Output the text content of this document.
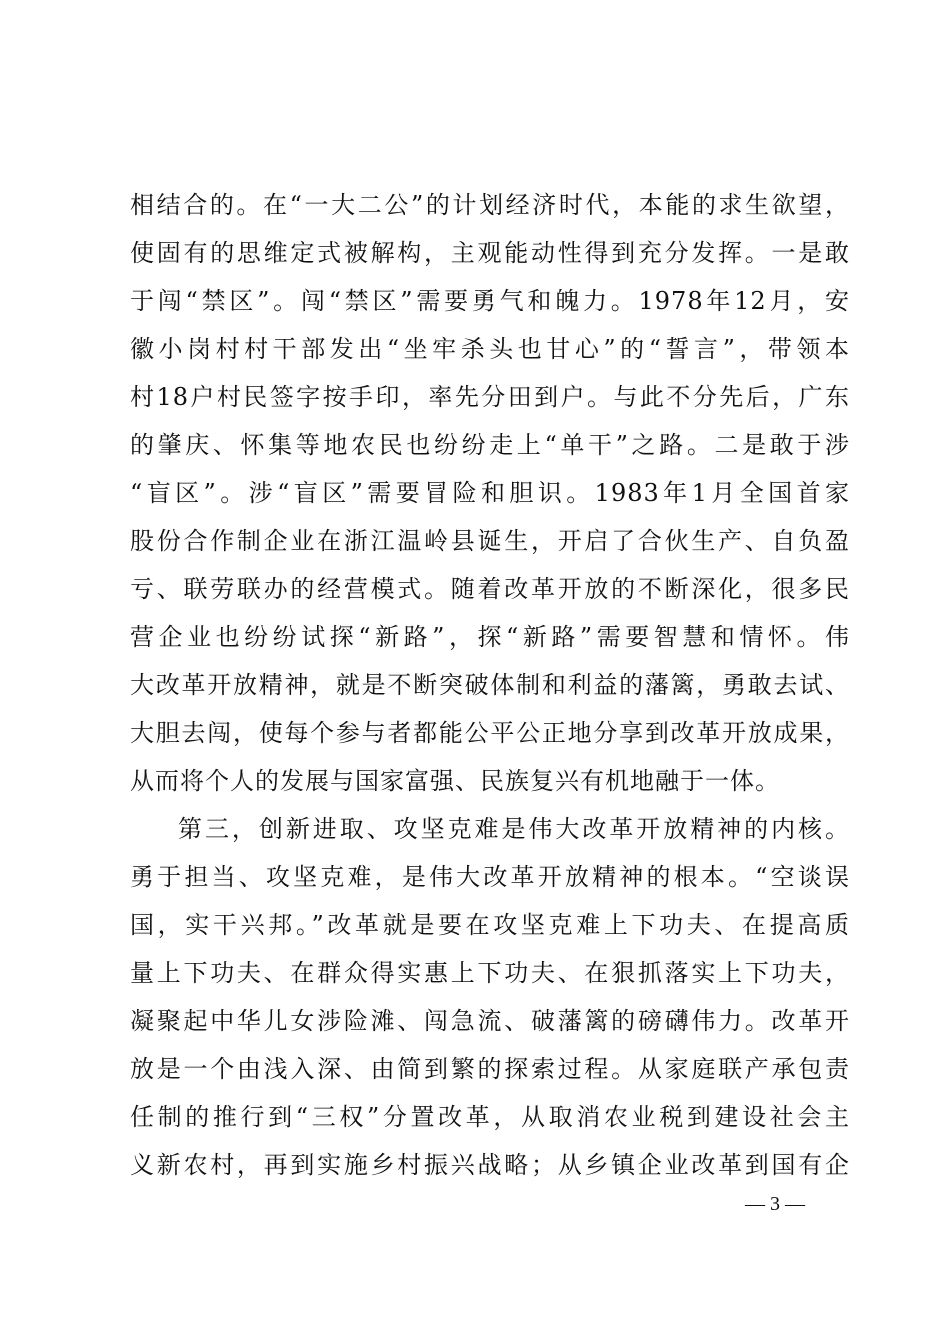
相结合的。在“一大二公”的计划经济时代，本能的求生欲望，
使固有的思维定式被解构，主观能动性得到充分发挥。一是敢
于闯“禁区”。闯“禁区”需要勇气和魄力。1978年12月，安
徽小岗村村干部发出“坐牢杀头也甘心”的“誓言”，带领本
村18户村民签字按手印，率先分田到户。与此不分先后，广东
的肇庆、怀集等地农民也纷纷走上“单干”之路。二是敢于涉
“盲区”。涉“盲区”需要冒险和胆识。1983年1月全国首家
股份合作制企业在浙江温岭县诞生，开启了合伙生产、自负盈
亏、联劳联办的经营模式。随着改革开放的不断深化，很多民
营企业也纷纷试探“新路”，探“新路”需要智慧和情怀。伟
大改革开放精神，就是不断突破体制和利益的藩篱，勇敢去试、
大胆去闯，使每个参与者都能公平公正地分享到改革开放成果，
从而将个人的发展与国家富强、民族复兴有机地融于一体。
第三，创新进取、攻坚克难是伟大改革开放精神的内核。
勇于担当、攻坚克难，是伟大改革开放精神的根本。“空谈误
国，实干兴邦。”改革就是要在攻坚克难上下功夫、在提高质
量上下功夫、在群众得实惠上下功夫、在狠抓落实上下功夫，
凝聚起中华儿女涉险滩、闯急流、破藩篱的磅礴伟力。改革开
放是一个由浅入深、由简到繁的探索过程。从家庭联产承包责
任制的推行到“三权”分置改革，从取消农业税到建设社会主
义新农村，再到实施乡村振兴战略；从乡镇企业改革到国有企
— 3 —
